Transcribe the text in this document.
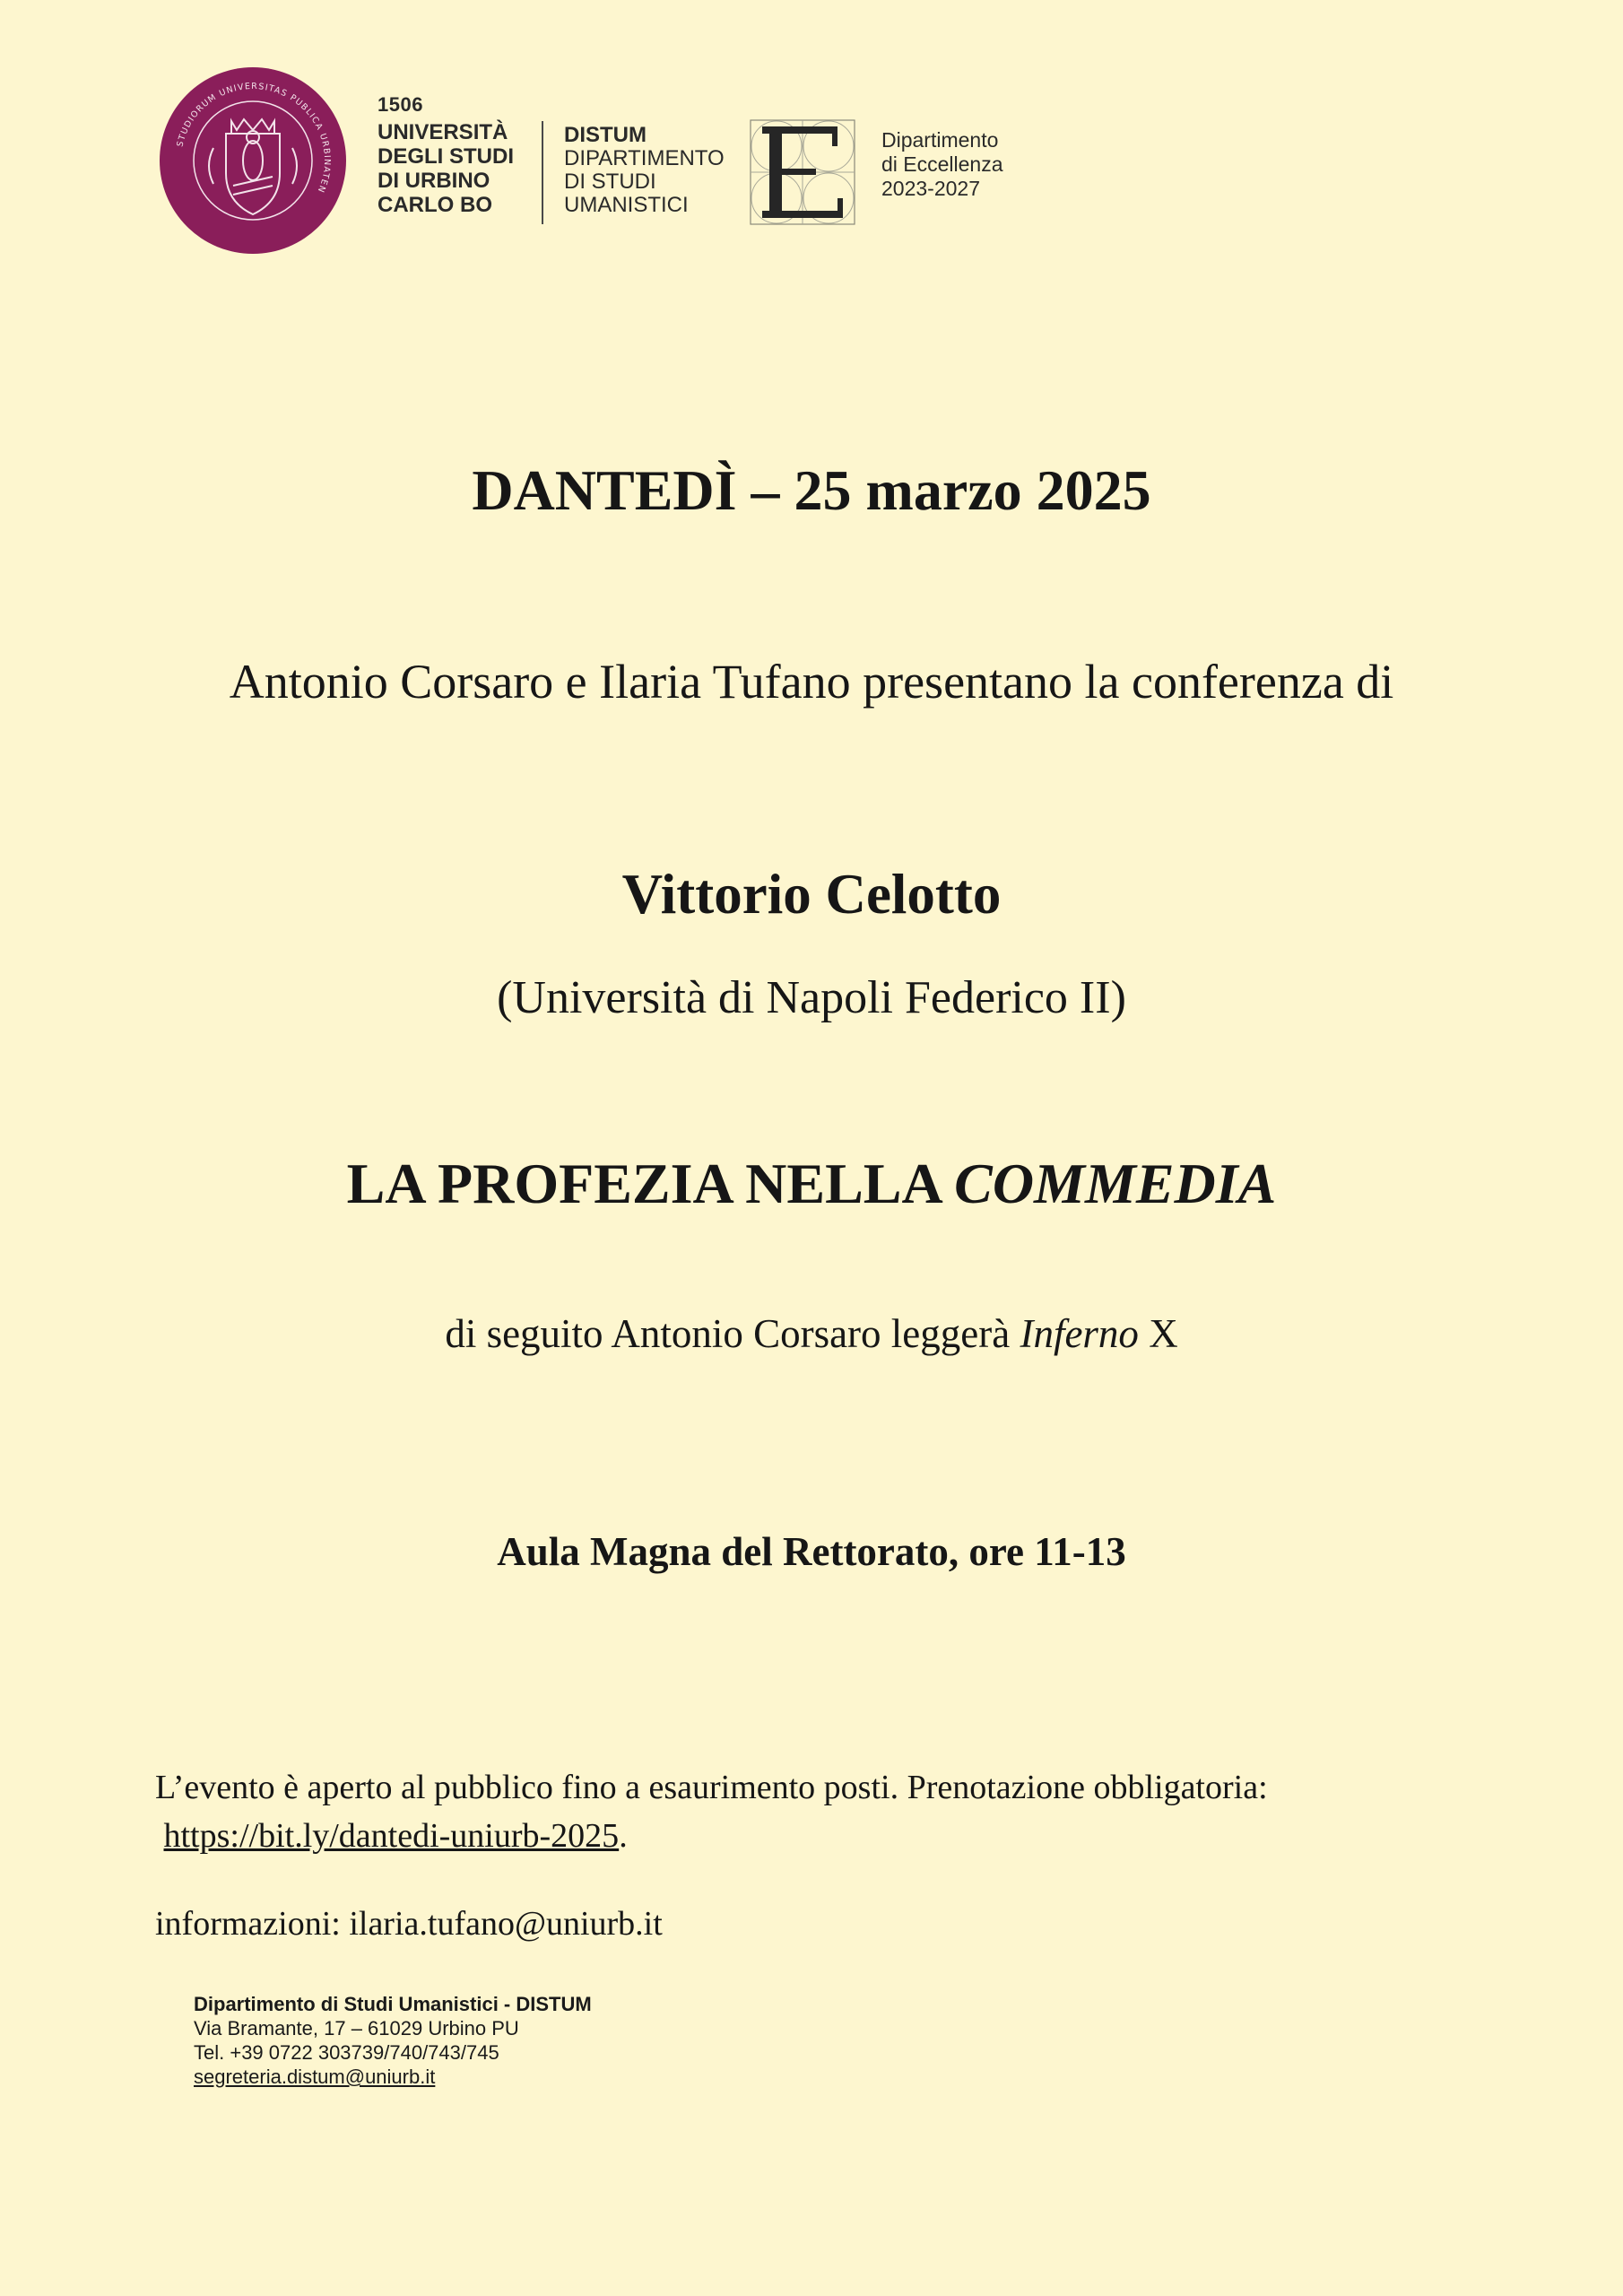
STUDIORUM UNIVERSITAS PUBLICA URBINATEN
1506
UNIVERSITÀ
DEGLI STUDI
DI URBINO
CARLO BO
DISTUM
DIPARTIMENTO
DI STUDI
UMANISTICI
Dipartimento
di Eccellenza
2023-2027
DANTEDÌ – 25 marzo 2025
Antonio Corsaro e Ilaria Tufano presentano la conferenza di
Vittorio Celotto
(Università di Napoli Federico II)
LA PROFEZIA NELLA COMMEDIA
di seguito Antonio Corsaro leggerà Inferno X
Aula Magna del Rettorato, ore 11-13
L’evento è aperto al pubblico fino a esaurimento posti. Prenotazione obbligatoria:
https://bit.ly/dantedi-uniurb-2025.
informazioni: ilaria.tufano@uniurb.it
Dipartimento di Studi Umanistici - DISTUM
Via Bramante, 17 – 61029 Urbino PU
Tel. +39 0722 303739/740/743/745
segreteria.distum@uniurb.it
